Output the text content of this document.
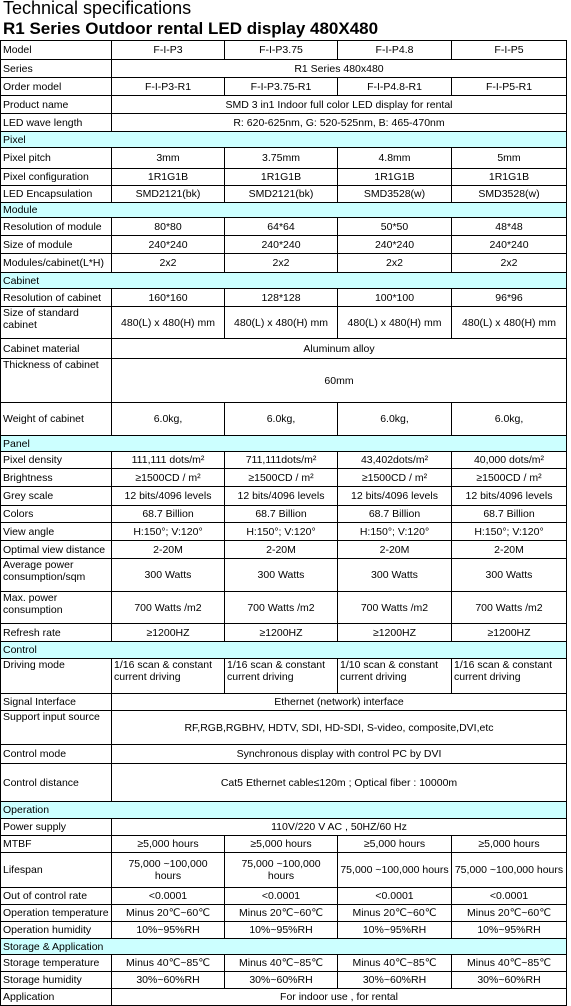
Technical specifications
R1 Series Outdoor rental LED display 480X480
Model	F-I-P3	F-I-P3.75	F-I-P4.8	F-I-P5
Series	R1 Series 480x480			
Order model	F-I-P3-R1	F-I-P3.75-R1	F-I-P4.8-R1	F-I-P5-R1
Product name	SMD 3 in1 Indoor full color LED display for rental			
LED wave length	R: 620-625nm, G: 520-525nm, B: 465-470nm			
Pixel				
Pixel pitch	3mm	3.75mm	4.8mm	5mm
Pixel configuration	1R1G1B	1R1G1B	1R1G1B	1R1G1B
LED Encapsulation	SMD2121(bk)	SMD2121(bk)	SMD3528(w)	SMD3528(w)
Module				
Resolution of module	80*80	64*64	50*50	48*48
Size of module	240*240	240*240	240*240	240*240
Modules/cabinet(L*H)	2x2	2x2	2x2	2x2
Cabinet				
Resolution of cabinet	160*160	128*128	100*100	96*96
Size of standard cabinet	480(L) x 480(H) mm	480(L) x 480(H) mm	480(L) x 480(H) mm	480(L) x 480(H) mm
Cabinet material	Aluminum alloy			
Thickness of cabinet	60mm			
Weight of cabinet	6.0kg,	6.0kg,	6.0kg,	6.0kg,
Panel				
Pixel density	111,111 dots/m²	711,111dots/m²	43,402dots/m²	40,000 dots/m²
Brightness	≥1500CD / m²	≥1500CD / m²	≥1500CD / m²	≥1500CD / m²
Grey scale	12 bits/4096 levels	12 bits/4096 levels	12 bits/4096 levels	12 bits/4096 levels
Colors	68.7 Billion	68.7 Billion	68.7 Billion	68.7 Billion
View angle	H:150°; V:120°	H:150°; V:120°	H:150°; V:120°	H:150°; V:120°
Optimal view distance	2-20M	2-20M	2-20M	2-20M
Average power consumption/sqm	300 Watts	300 Watts	300 Watts	300 Watts
Max. power consumption	700 Watts /m2	700 Watts /m2	700 Watts /m2	700 Watts /m2
Refresh rate	≥1200HZ	≥1200HZ	≥1200HZ	≥1200HZ
Control				
Driving mode	1/16 scan & constant current driving	1/16 scan & constant current driving	1/10 scan & constant current driving	1/16 scan & constant current driving
Signal Interface	Ethernet (network) interface			
Support input source	RF,RGB,RGBHV, HDTV, SDI, HD-SDI, S-video, composite,DVI,etc			
Control mode	Synchronous display with control PC by DVI			
Control distance	Cat5 Ethernet cable≤120m ; Optical fiber : 10000m			
Operation				
Power supply	110V/220 V AC , 50HZ/60 Hz			
MTBF	≥5,000 hours	≥5,000 hours	≥5,000 hours	≥5,000 hours
Lifespan	75,000 ~100,000 hours	75,000 ~100,000 hours	75,000 ~100,000 hours	75,000 ~100,000 hours
Out of control rate	<0.0001	<0.0001	<0.0001	<0.0001
Operation temperature	Minus 20℃~60℃	Minus 20℃~60℃	Minus 20℃~60℃	Minus 20℃~60℃
Operation humidity	10%~95%RH	10%~95%RH	10%~95%RH	10%~95%RH
Storage & Application				
Storage temperature	Minus 40℃~85℃	Minus 40℃~85℃	Minus 40℃~85℃	Minus 40℃~85℃
Storage humidity	30%~60%RH	30%~60%RH	30%~60%RH	30%~60%RH
Application	For indoor use , for rental			
